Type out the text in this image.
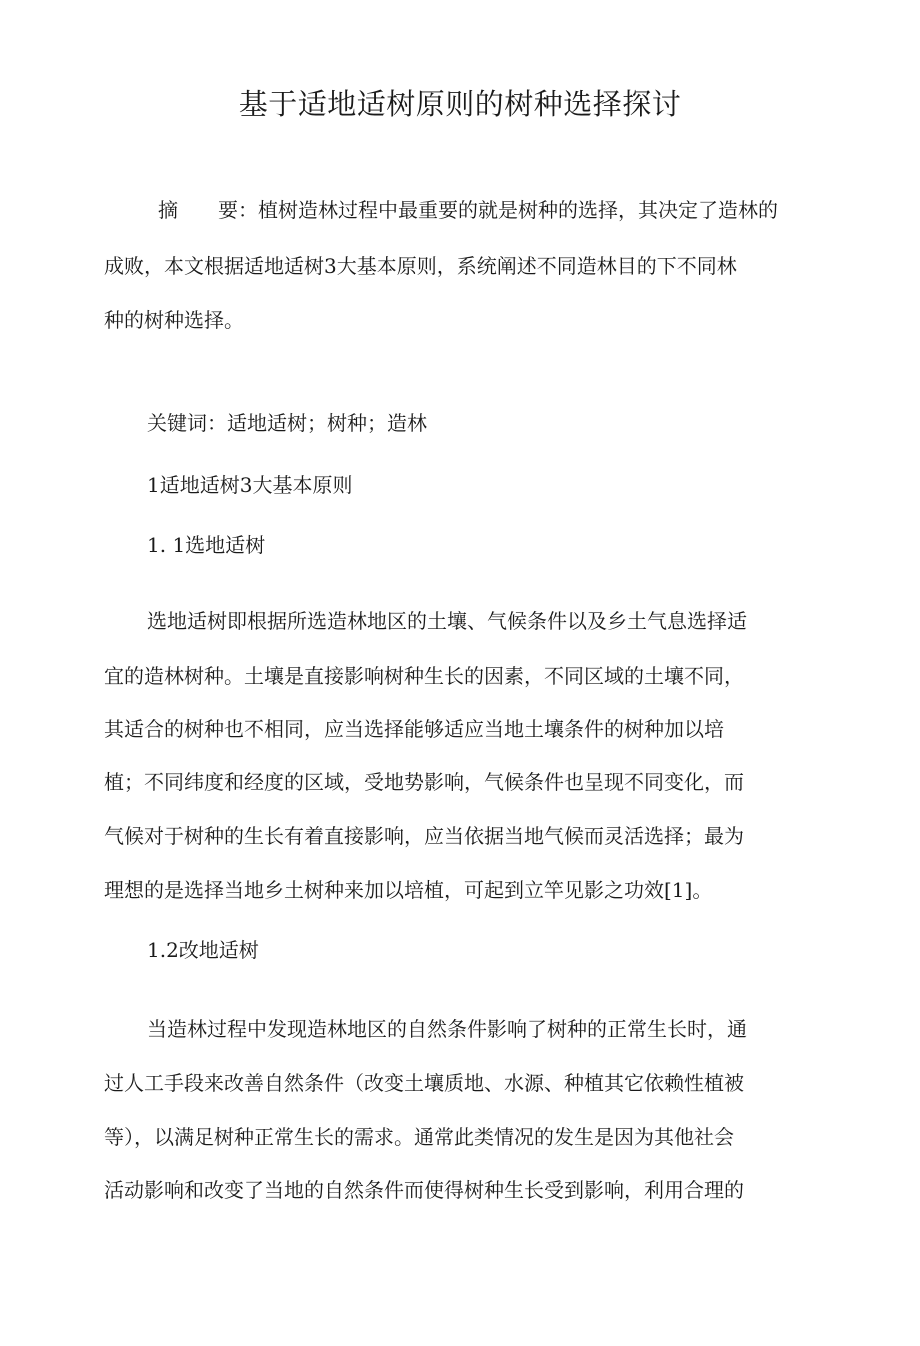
基于适地适树原则的树种选择探讨
摘 要：植树造林过程中最重要的就是树种的选择，其决定了造林的
成败，本文根据适地适树3大基本原则，系统阐述不同造林目的下不同林
种的树种选择。
关键词：适地适树；树种；造林
1适地适树3大基本原则
1. 1选地适树
选地适树即根据所选造林地区的土壤、气候条件以及乡土气息选择适
宜的造林树种。土壤是直接影响树种生长的因素，不同区域的土壤不同，
其适合的树种也不相同，应当选择能够适应当地土壤条件的树种加以培
植；不同纬度和经度的区域，受地势影响，气候条件也呈现不同变化，而
气候对于树种的生长有着直接影响，应当依据当地气候而灵活选择；最为
理想的是选择当地乡土树种来加以培植，可起到立竿见影之功效[1]。
1.2改地适树
当造林过程中发现造林地区的自然条件影响了树种的正常生长时，通
过人工手段来改善自然条件（改变土壤质地、水源、种植其它依赖性植被
等），以满足树种正常生长的需求。通常此类情况的发生是因为其他社会
活动影响和改变了当地的自然条件而使得树种生长受到影响，利用合理的
